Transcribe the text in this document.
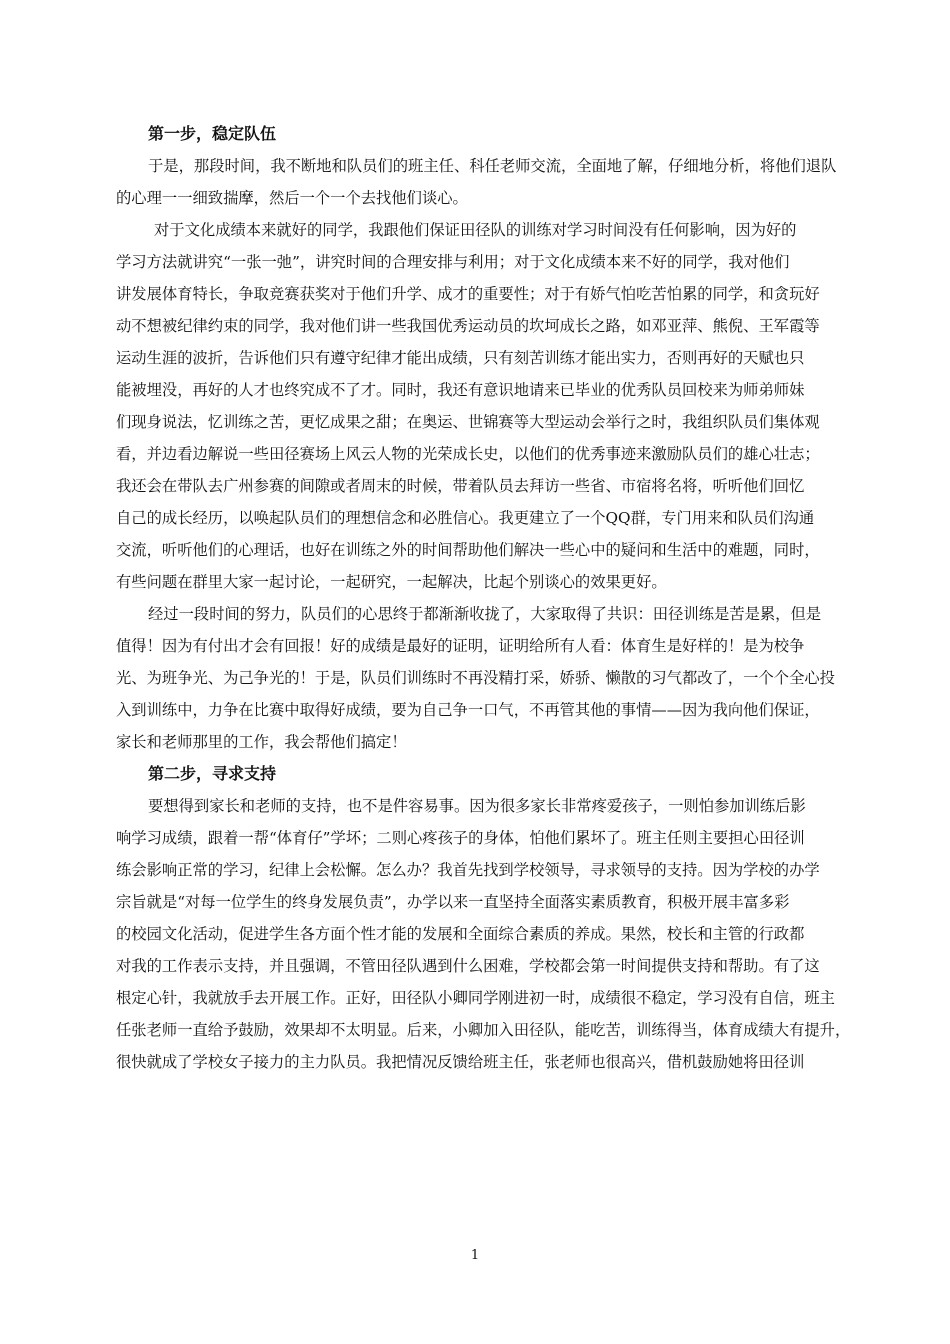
第一步，稳定队伍

于是，那段时间，我不断地和队员们的班主任、科任老师交流，全面地了解，仔细地分析，将他们退队
的心理一一细致揣摩，然后一个一个去找他们谈心。

对于文化成绩本来就好的同学，我跟他们保证田径队的训练对学习时间没有任何影响，因为好的
学习方法就讲究“一张一弛”，讲究时间的合理安排与利用；对于文化成绩本来不好的同学，我对他们
讲发展体育特长，争取竞赛获奖对于他们升学、成才的重要性；对于有娇气怕吃苦怕累的同学，和贪玩好
动不想被纪律约束的同学，我对他们讲一些我国优秀运动员的坎坷成长之路，如邓亚萍、熊倪、王军霞等
运动生涯的波折，告诉他们只有遵守纪律才能出成绩，只有刻苦训练才能出实力，否则再好的天赋也只
能被埋没，再好的人才也终究成不了才。同时，我还有意识地请来已毕业的优秀队员回校来为师弟师妹
们现身说法，忆训练之苦，更忆成果之甜；在奥运、世锦赛等大型运动会举行之时，我组织队员们集体观
看，并边看边解说一些田径赛场上风云人物的光荣成长史，以他们的优秀事迹来激励队员们的雄心壮志；
我还会在带队去广州参赛的间隙或者周末的时候，带着队员去拜访一些省、市宿将名将，听听他们回忆
自己的成长经历，以唤起队员们的理想信念和必胜信心。我更建立了一个QQ群，专门用来和队员们沟通
交流，听听他们的心理话，也好在训练之外的时间帮助他们解决一些心中的疑问和生活中的难题，同时，
有些问题在群里大家一起讨论，一起研究，一起解决，比起个别谈心的效果更好。

经过一段时间的努力，队员们的心思终于都渐渐收拢了，大家取得了共识：田径训练是苦是累，但是
值得！因为有付出才会有回报！好的成绩是最好的证明，证明给所有人看：体育生是好样的！是为校争
光、为班争光、为己争光的！于是，队员们训练时不再没精打采，娇骄、懒散的习气都改了，一个个全心投
入到训练中，力争在比赛中取得好成绩，要为自己争一口气，不再管其他的事情——因为我向他们保证，
家长和老师那里的工作，我会帮他们搞定！

第二步，寻求支持

要想得到家长和老师的支持，也不是件容易事。因为很多家长非常疼爱孩子，一则怕参加训练后影
响学习成绩，跟着一帮“体育仔”学坏；二则心疼孩子的身体，怕他们累坏了。班主任则主要担心田径训
练会影响正常的学习，纪律上会松懈。怎么办？我首先找到学校领导，寻求领导的支持。因为学校的办学
宗旨就是“对每一位学生的终身发展负责”，办学以来一直坚持全面落实素质教育，积极开展丰富多彩
的校园文化活动，促进学生各方面个性才能的发展和全面综合素质的养成。果然，校长和主管的行政都
对我的工作表示支持，并且强调，不管田径队遇到什么困难，学校都会第一时间提供支持和帮助。有了这
根定心针，我就放手去开展工作。正好，田径队小卿同学刚进初一时，成绩很不稳定，学习没有自信，班主
任张老师一直给予鼓励，效果却不太明显。后来，小卿加入田径队，能吃苦，训练得当，体育成绩大有提升，
很快就成了学校女子接力的主力队员。我把情况反馈给班主任，张老师也很高兴，借机鼓励她将田径训

1
